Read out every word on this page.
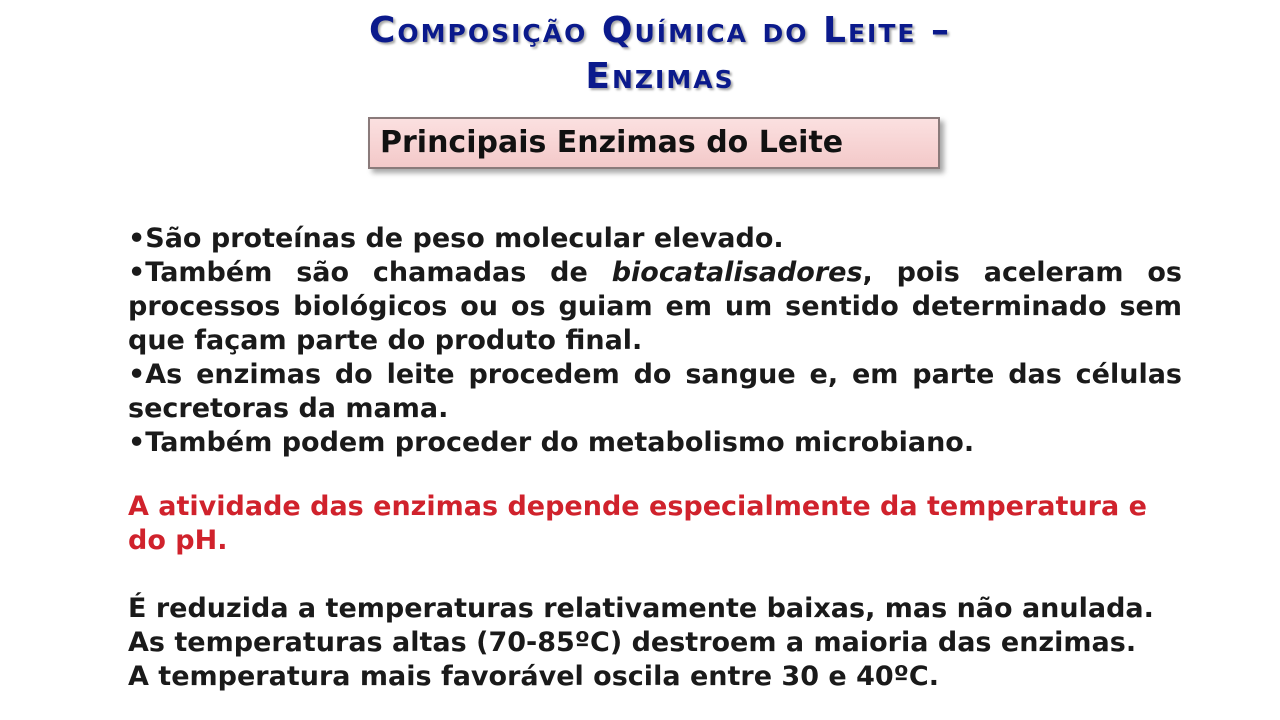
Composição Química do Leite –
Enzimas
Principais Enzimas do Leite

•São proteínas de peso molecular elevado.

•Também são chamadas de biocatalisadores, pois aceleram os processos biológicos ou os guiam em um sentido determinado sem que façam parte do produto final.

•As enzimas do leite procedem do sangue e, em parte das células secretoras da mama.

•Também podem proceder do metabolismo microbiano.

A atividade das enzimas depende especialmente da temperatura e do pH.
É reduzida a temperaturas relativamente baixas, mas não anulada.
As temperaturas altas (70-85ºC) destroem a maioria das enzimas.
A temperatura mais favorável oscila entre 30 e 40ºC.
